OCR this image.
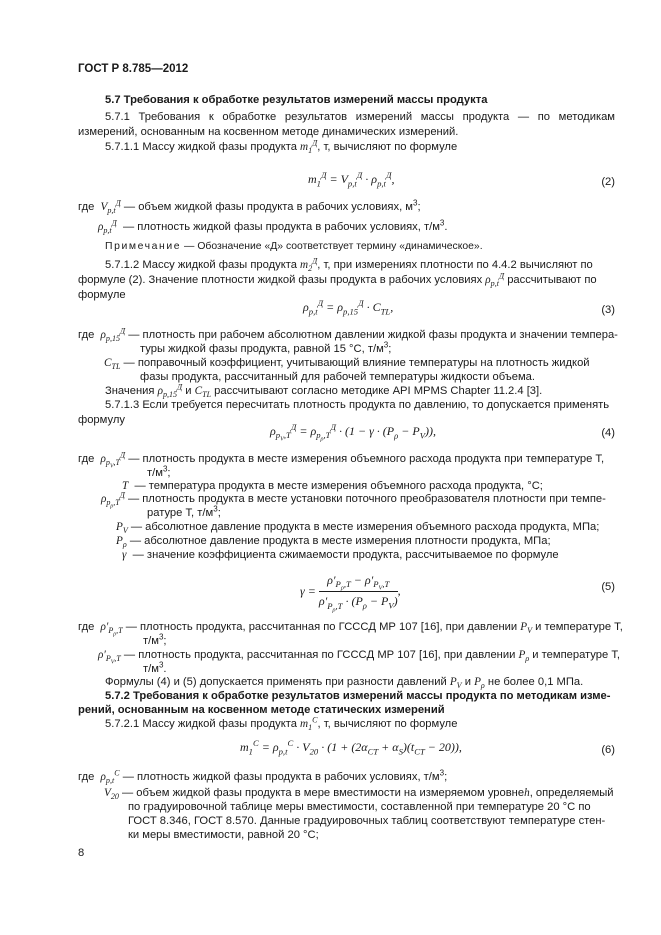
ГОСТ Р 8.785—2012
5.7 Требования к обработке результатов измерений массы продукта
5.7.1 Требования к обработке результатов измерений массы продукта — по методикам измерений, основанным на косвенном методе динамических измерений.
5.7.1.1 Массу жидкой фазы продукта $m_1^Д$, т, вычисляют по формуле
$m_1^Д = V_{p,t}^Д \cdot \rho_{p,t}^Д$,	(2)
где $V_{p,t}^Д$ — объем жидкой фазы продукта в рабочих условиях, $м^3$;
$\rho_{p,t}^Д$ — плотность жидкой фазы продукта в рабочих условиях, $т/м^3$.
Примечание — Обозначение «Д» соответствует термину «динамическое».
5.7.1.2 Массу жидкой фазы продукта $m_2^Д$, т, при измерениях плотности по 4.4.2 вычисляют по
формуле (2). Значение плотности жидкой фазы продукта в рабочих условиях $\rho_{p,t}^Д$ рассчитывают по
формуле
$\rho_{p,t}^Д = \rho_{p,15}^Д \cdot C_{TL}$,	(3)
где $\rho_{p,15}^Д$ — плотность при рабочем абсолютном давлении жидкой фазы продукта и значении темпера-
туры жидкой фазы продукта, равной 15 °С, $т/м^3$;
$C_{TL}$ — поправочный коэффициент, учитывающий влияние температуры на плотность жидкой
фазы продукта, рассчитанный для рабочей температуры жидкости объема.
Значения $\rho_{p,15}^Д$ и $C_{TL}$ рассчитывают согласно методике API MPMS Chapter 11.2.4 [3].
5.7.1.3 Если требуется пересчитать плотность продукта по давлению, то допускается применять
формулу
$\rho_{p_V,T}^Д = \rho_{p_\rho,T}^Д \cdot (1 - \gamma \cdot (P_\rho - P_V))$,	(4)
где $\rho_{p_V,T}^Д$ — плотность продукта в месте измерения объемного расхода продукта при температуре Т,
$т/м^3$;
T — температура продукта в месте измерения объемного расхода продукта, °С;
$\rho_{p_\rho,T}^Д$ — плотность продукта в месте установки поточного преобразователя плотности при темпе-
ратуре Т, $т/м^3$;
$P_V$ — абсолютное давление продукта в месте измерения объемного расхода продукта, МПа;
$P_\rho$ — абсолютное давление продукта в месте измерения плотности продукта, МПа;
γ — значение коэффициента сжимаемости продукта, рассчитываемое по формуле
$\gamma = \frac{\rho'_{P_\rho,T} - \rho'_{P_V,T}}{\rho'_{P_\rho,T} \cdot (P_\rho - P_V)}$ ,	(5)
где $\rho'_{P_\rho,T}$ — плотность продукта, рассчитанная по ГССCД МР 107 [16], при давлении $P_V$ и температуре Т,
$т/м^3$;
$\rho'_{P_V,T}$ — плотность продукта, рассчитанная по ГССCД МР 107 [16], при давлении $P_\rho$ и температуре Т,
$т/м^3$.
Формулы (4) и (5) допускается применять при разности давлений $P_V$ и $P_\rho$ не более 0,1 МПа.
5.7.2 Требования к обработке результатов измерений массы продукта по методикам изме-
рений, основанным на косвенном методе статических измерений
5.7.2.1 Массу жидкой фазы продукта $m_1^C$, т, вычисляют по формуле
$m_1^C = \rho_{p,t}^C \cdot V_{20} \cdot (1 + (2\alpha_{CT} + \alpha_S)(t_{CT} - 20))$,	(6)
где $\rho_{p,t}^C$ — плотность жидкой фазы продукта в рабочих условиях, $т/м^3$;
$V_{20}$ — объем жидкой фазы продукта в мере вместимости на измеряемом уровнеh, определяемый
по градуировочной таблице меры вместимости, составленной при температуре 20 °С по
ГОСТ 8.346, ГОСТ 8.570. Данные градуировочных таблиц соответствуют температуре стен-
ки меры вместимости, равной 20 °С;
8
